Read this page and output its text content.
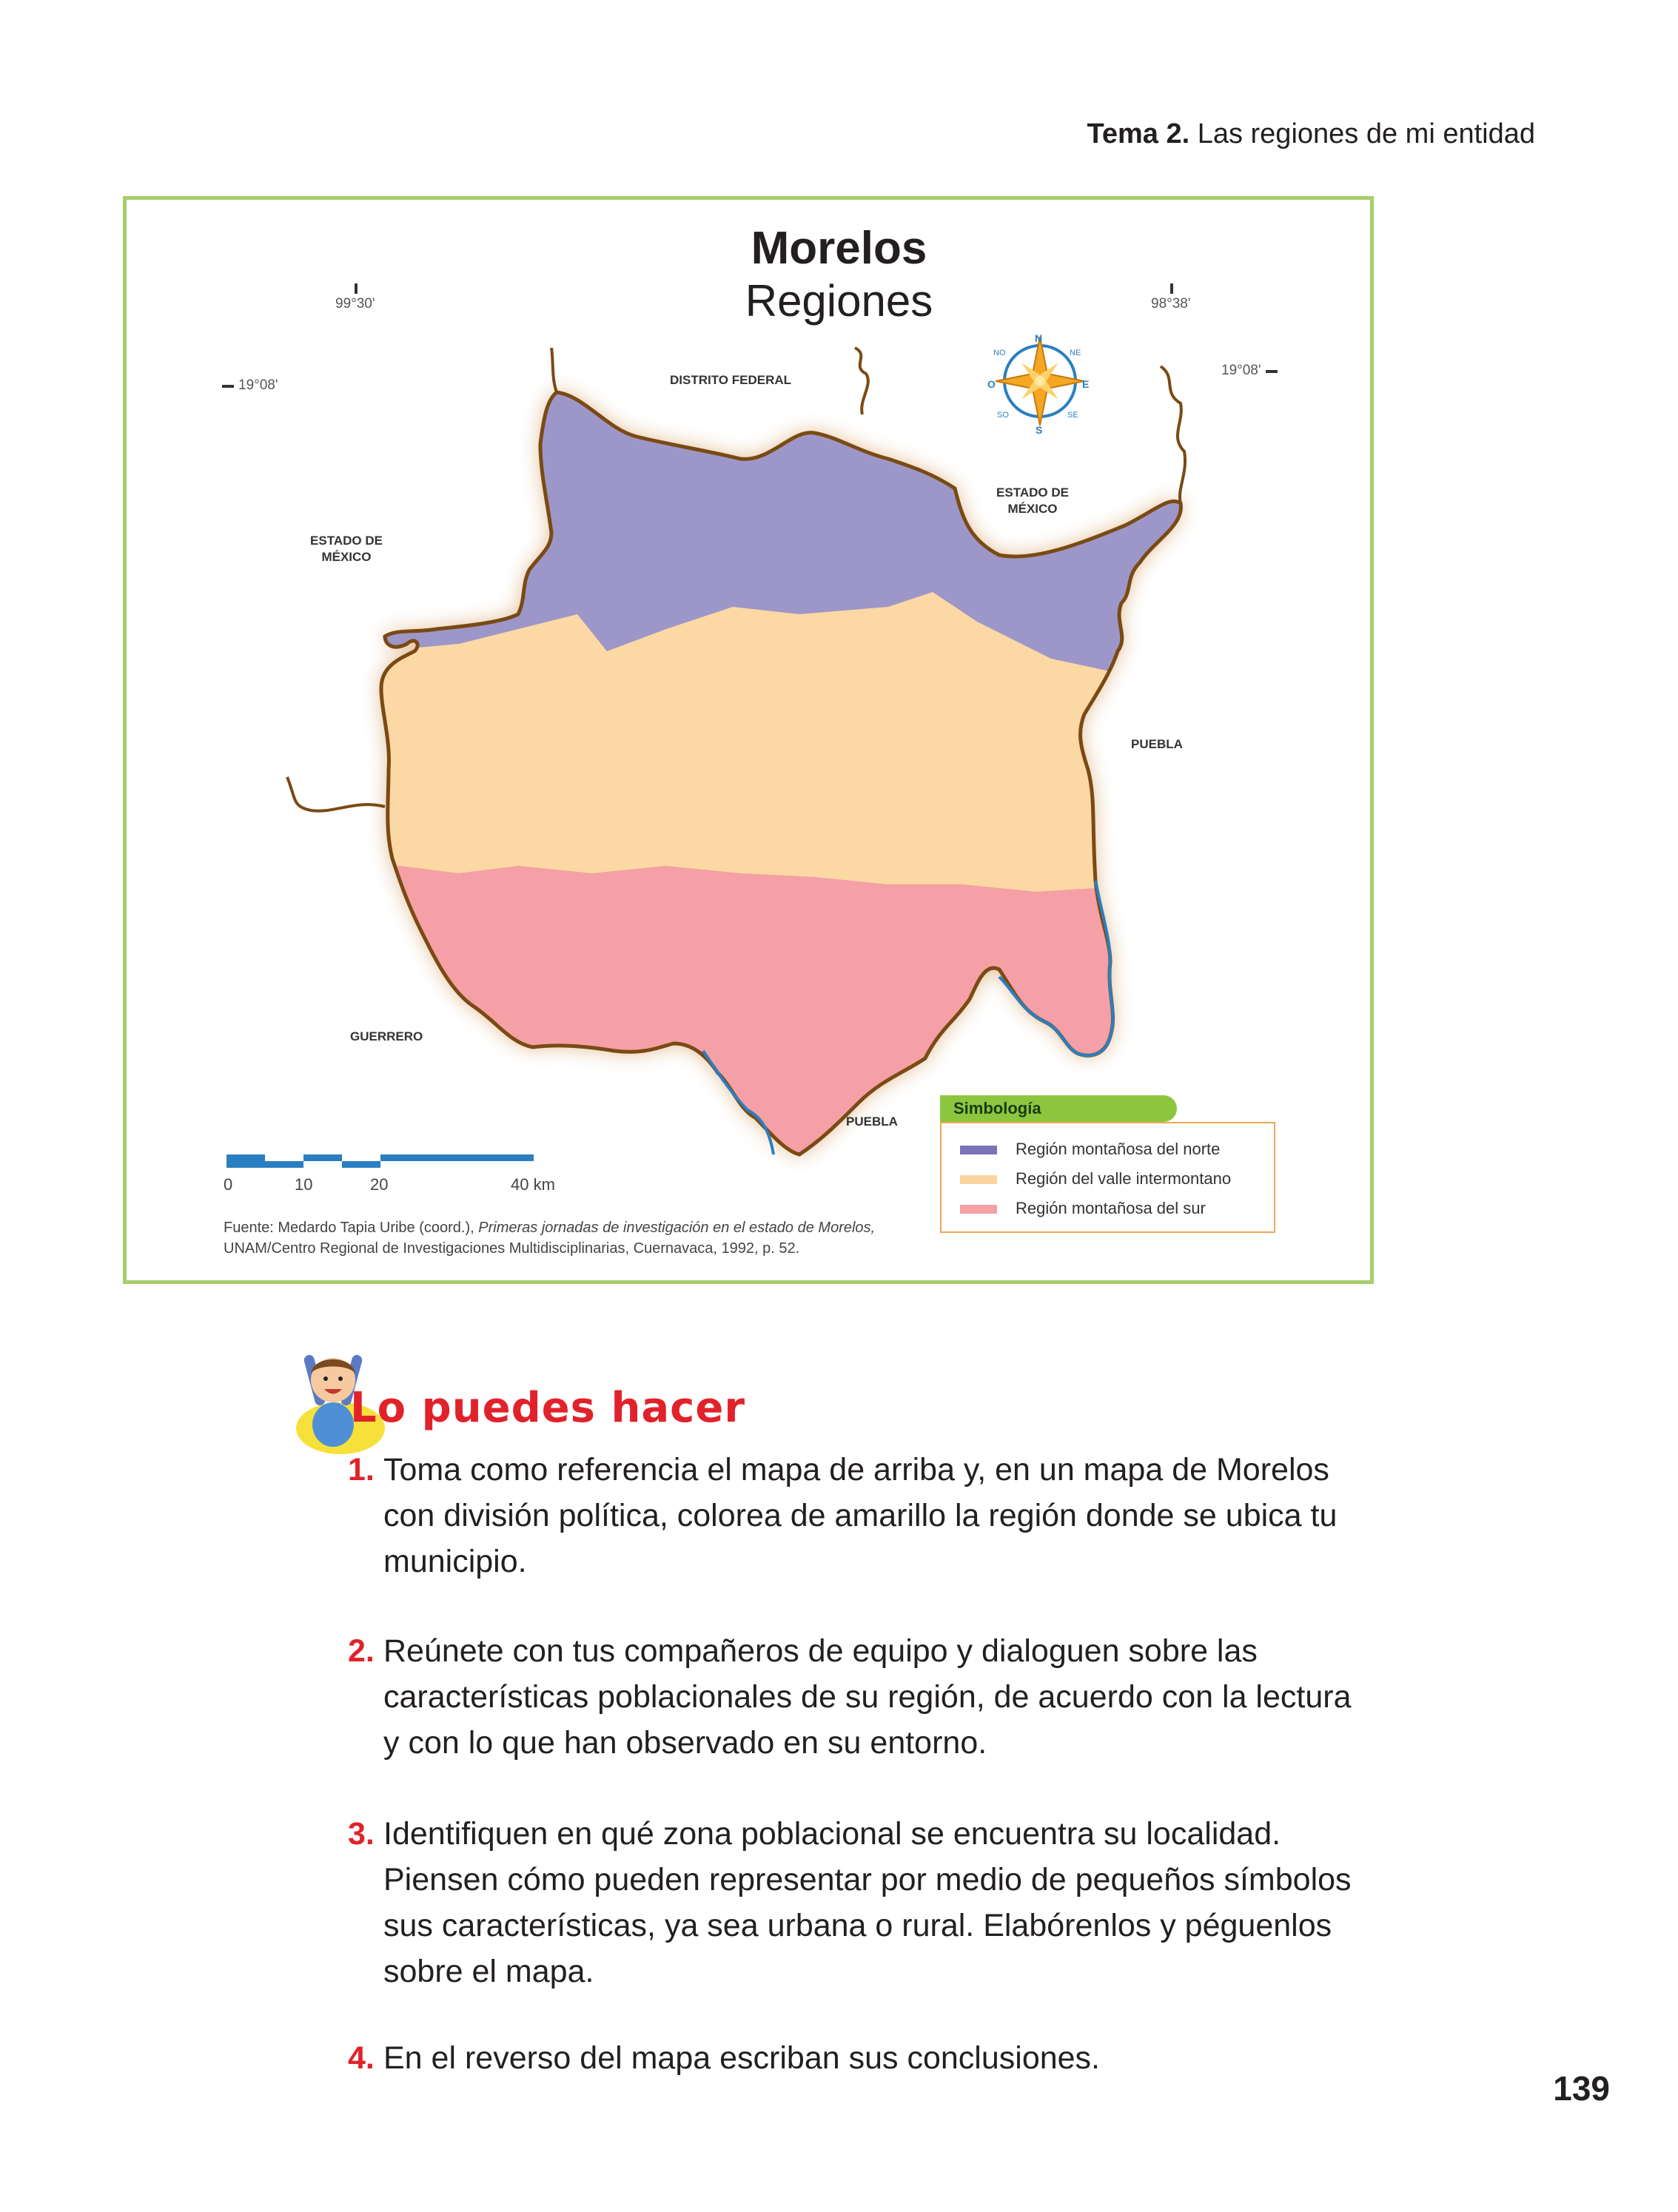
Tema 2. Las regiones de mi entidad
Morelos
Regiones
99°30'	98°38'
19°08'
19°08'
N
S
E
O
NE
NO
SE
SO
DISTRITO FEDERAL
ESTADO DE
MÉXICO
ESTADO DE
MÉXICO
PUEBLA
GUERRERO
PUEBLA
0	10	20	40 km
Simbología
Región montañosa del norte
Región del valle intermontano
Región montañosa del sur
Fuente: Medardo Tapia Uribe (coord.), Primeras jornadas de investigación en el estado de Morelos,
UNAM/Centro Regional de Investigaciones Multidisciplinarias, Cuernavaca, 1992, p. 52.
Lo puedes hacer
1. Toma como referencia el mapa de arriba y, en un mapa de Morelos con división política, colorea de amarillo la región donde se ubica tu municipio.
2. Reúnete con tus compañeros de equipo y dialoguen sobre las características poblacionales de su región, de acuerdo con la lectura y con lo que han observado en su entorno.
3. Identifiquen en qué zona poblacional se encuentra su localidad. Piensen cómo pueden representar por medio de pequeños símbolos sus características, ya sea urbana o rural. Elabórenlos y péguenlos sobre el mapa.
4. En el reverso del mapa escriban sus conclusiones.
139
